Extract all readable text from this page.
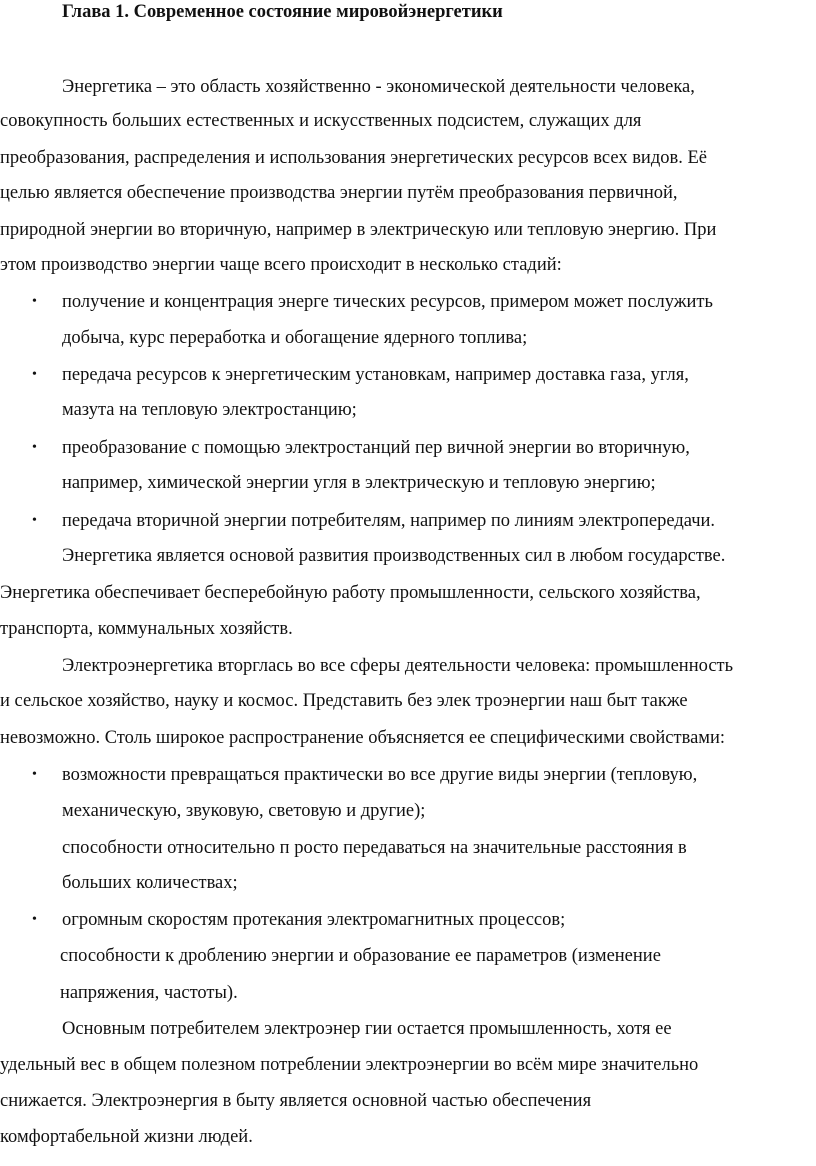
Глава 1. Современное состояние мировойэнергетики
Энергетика – это область хозяйственно - экономической деятельности человека,
совокупность больших естественных и искусственных подсистем, служащих для
преобразования, распределения и использования энергетических ресурсов всех видов. Её
целью является обеспечение производства энергии путём преобразования первичной,
природной энергии во вторичную, например в электрическую или тепловую энергию. При
этом производство энергии чаще всего происходит в несколько стадий:
• получение и концентрация энерге тических ресурсов, примером может послужить
добыча, курс переработка и обогащение ядерного топлива;
• передача ресурсов к энергетическим установкам, например доставка газа, угля,
мазута на тепловую электростанцию;
• преобразование с помощью электростанций пер вичной энергии во вторичную,
например, химической энергии угля в электрическую и тепловую энергию;
• передача вторичной энергии потребителям, например по линиям электропередачи.
Энергетика является основой развития производственных сил в любом государстве.
Энергетика обеспечивает бесперебойную работу промышленности, сельского хозяйства,
транспорта, коммунальных хозяйств.
Электроэнергетика вторглась во все сферы деятельности человека: промышленность
и сельское хозяйство, науку и космос. Представить без элек троэнергии наш быт также
невозможно. Столь широкое распространение объясняется ее специфическими свойствами:
• возможности превращаться практически во все другие виды энергии (тепловую,
механическую, звуковую, световую и другие);
способности относительно п росто передаваться на значительные расстояния в
больших количествах;
• огромным скоростям протекания электромагнитных процессов;
способности к дроблению энергии и образование ее параметров (изменение
напряжения, частоты).
Основным потребителем электроэнер гии остается промышленность, хотя ее
удельный вес в общем полезном потреблении электроэнергии во всём мире значительно
снижается. Электроэнергия в быту является основной частью обеспечения
комфортабельной жизни людей.
